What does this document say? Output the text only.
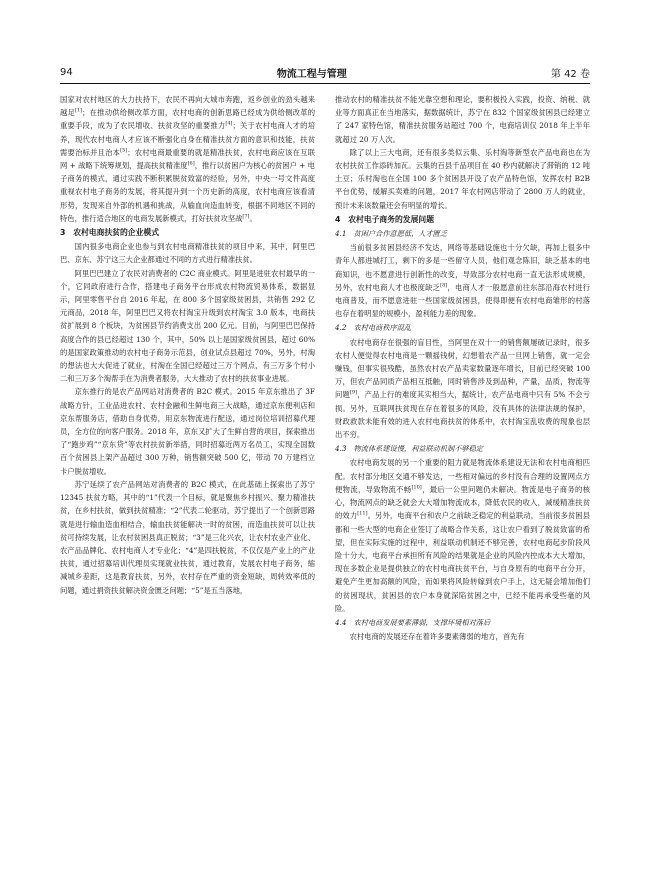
94	物流工程与管理	第 42 卷

国家对农村地区的大力扶持下，农民不再向大城市奔跑，返乡创业的劲头越来越足[1]；在推动供给侧改革方面，农村电商的创新思路已经成为供给侧改革的重要手段，成为了农民增收、扶贫攻坚的重要推力[4]；关于农村电商人才的培养，现代农村电商人才应该不断强化自身在精准扶贫方面的意识和技能，扶贫需要治标并且治本[5]；农村电商最重要的就是精准扶贫，农村电商应该在互联网 + 战略下统筹规划，提高扶贫精准度[6]，推行以贫困户为核心的贫困户 + 电子商务的模式，通过实践不断积累脱贫致富的经验，另外，中央一号文件高度重视农村电子商务的发展，将其提升到一个历史新的高度，农村电商应该看清形势，发现来自外部的机遇和挑战，从输血向造血转变，根据不同地区不同的特色，推行适合地区的电商发展新模式，打好扶贫攻坚战[7]。

3　农村电商扶贫的企业模式

国内很多电商企业也参与到农村电商精准扶贫的项目中来，其中，阿里巴巴、京东、苏宁这三大企业都通过不同的方式进行精准扶贫。

阿里巴巴建立了农民对消费者的 C2C 商业模式。阿里是进驻农村最早的一个，它同政府进行合作，搭建电子商务平台形成农村物流贸易体系，数据显示，阿里零售平台自 2016 年起，在 800 多个国家级贫困县，共销售 292 亿元商品，2018 年，阿里巴巴又将农村淘宝升级到农村淘宝 3.0 版本，电商扶贫扩展到 8 个板块，为贫困县节约消费支出 200 亿元。目前，与阿里巴巴保持高度合作的县已经超过 130 个，其中，50% 以上是国家级贫困县，超过 60% 的是国家政策推动的农村电子商务示范县，创业试点县超过 70%，另外，村淘的想法也大大促进了就业，村淘在全国已经超过三万个网点，有三万多个村小二和三万多个淘帮手在为消费者服务，大大推动了农村的扶贫事业进展。

京东推行的是农产品网站对消费者的 B2C 模式。2015 年京东推出了 3F 战略方针，工业品进农村、农村金融和生鲜电商三大战略，通过京东便利店和京东帮服务店，借助自身优势，用京东物流进行配送，通过岗位培训招募代理员，全方位的向客户服务。2018 年，京东又扩大了生鲜自营的项目，探索推出了“跑步鸡”“京东贷”等农村扶贫新举措，同时招募近两万名员工，实现全国数百个贫困县上架产品超过 300 万种，销售额突破 500 亿，带动 70 万建档立卡户脱贫增收。

苏宁延续了农产品网站对消费者的 B2C 模式，在此基础上探索出了苏宁 12345 扶贫方略，其中的“1”代表一个目标，就是聚焦乡村振兴、聚力精准扶贫，在乡村扶贫，做到扶贫精准；“2”代表二轮驱动，苏宁提出了一个创新思路就是进行输血造血相结合，输血扶贫能解决一时的贫困，而造血扶贫可以让扶贫可持续发展，让农村贫困县真正脱贫；“3”是三化兴农，让农村农业产业化、农产品品牌化、农村电商人才专业化；“4”是四扶脱贫，不仅仅是产业上的产业扶贫，通过招募培训代理员实现就业扶贫，通过教育，发展农村电子商务，缩减城乡差距，这是教育扶贫，另外，农村存在严重的资金短缺，周转效率低的问题，通过捐资扶贫解决资金匮乏问题；“5”是五当落地，

推动农村的精准扶贫不能光靠空想和理论，要积极投入实践，投资、纳税、就业等方面真正在当地落实，据数据统计，苏宁在 832 个国家级贫困县已经建立了 247 家特色馆，精准扶贫服务站超过 700 个，电商培训仅 2018 年上半年就超过 20 万人次。

除了以上三大电商，还有很多类似云集、乐村淘等新型农产品电商也在为农村扶贫工作添砖加瓦。云集的百县千品项目在 40 秒内就解决了滞销的 12 吨土豆；乐村淘也在全国 100 多个贫困县开设了农产品特色馆，发挥农村 B2B 平台优势，缓解买卖难的问题，2017 年农村网店带动了 2800 万人的就业，预计未来该数量还会有明显的增长。

4　农村电子商务的发展问题
4.1　贫困户合作意愿低，人才匮乏

当前很多贫困县经济不发达，网络等基础设施也十分欠缺，再加上很多中青年人都进城打工，剩下的多是一些留守人员，他们观念陈旧，缺乏基本的电商知识，也不愿意进行创新性的改变，导致部分农村电商一直无法形成规模，另外，农村电商人才也极度缺乏[8]，电商人才一般愿意前往东部沿海农村进行电商普及，而不愿意进驻一些国家级贫困县，使得即便有农村电商雏形的村落也存在着明显的规模小，盈利能力差的现象。

4.2　农村电商秩序混乱

农村电商存在很强的盲目性，当阿里在双十一的销售额屡破记录时，很多农村人便觉得农村电商是一颗摇钱树，幻想着农产品一旦网上销售，就一定会赚钱，但事实很残酷，虽然农村农产品卖家数量逐年增长，目前已经突破 100 万，但农产品同质产品相互抵触，同时销售涉及到品种，产量，品质，物流等问题[9]，产品上行的难度其实相当大，据统计，农产品电商中只有 5% 不会亏损。另外，互联网扶贫现在存在着很多的风险，没有具体的法律法规的保护，财政救款未能有效的进入农村电商扶贫的体系中，农村淘宝乱收费的现象也层出不穷。

4.3　物流体系建设慢，利益联动机制不够稳定

农村电商发展的另一个重要的阻力就是物流体系建设无法和农村电商相匹配。农村部分地区交通不够发达，一些相对偏远的乡村没有合理的设置网点方便物流，导致物流不畅[10]，最后一公里问题仍未解决。物流是电子商务的核心，物流网点的缺乏就会大大增加物流成本，降低农民的收入，减缓精准扶贫的效力[11]。另外，电商平台和农户之前缺乏稳定的利益联动，当前很多贫困县都和一些大型的电商企业签订了战略合作关系，这让农户看到了脱贫致富的希望，但在实际实施的过程中，利益联动机制还不够完善，农村电商起步阶段风险十分大，电商平台承担所有风险的结果就是企业的风险内控成本大大增加，现在多数企业是提供独立的农村电商扶贫平台，与自身原有的电商平台分开，避免产生更加高额的风险，而如果将风险转嫁到农户手上，这无疑会增加他们的贫困现状，贫困县的农户本身就深陷贫困之中，已经不能再承受些毫的风险。

4.4　农村电商发展要素薄弱，支撑环境相对落后

农村电商的发展还存在着许多要素薄弱的地方，首先有
